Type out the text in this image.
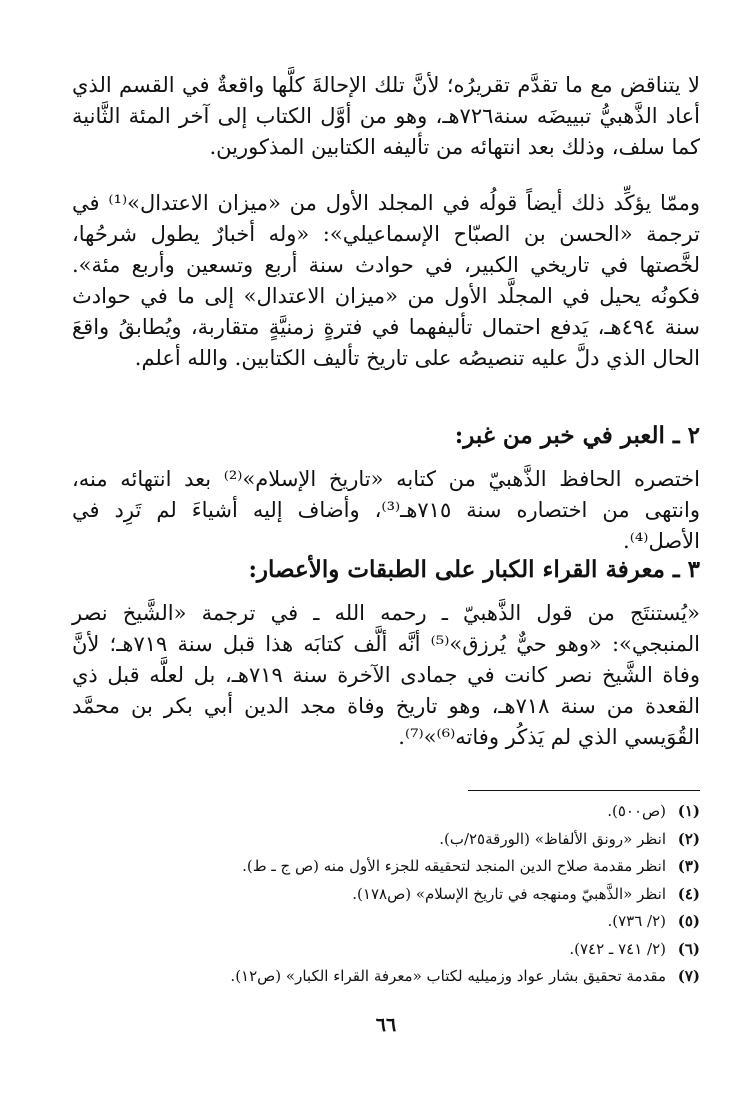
لا يتناقض مع ما تقدَّم تقريرُه؛ لأنَّ تلك الإحالةَ كلَّها واقعةٌ في القسم الذي أعاد الذَّهبيُّ تبييضَه سنة٧٢٦هـ، وهو من أوَّل الكتاب إلى آخر المئة الثَّانية كما سلف، وذلك بعد انتهائه من تأليفه الكتابين المذكورين.

وممّا يؤكِّد ذلك أيضاً قولُه في المجلد الأول من «ميزان الاعتدال»⁽¹⁾ في ترجمة «الحسن بن الصبّاح الإسماعيلي»: «وله أخبارٌ يطول شرحُها، لخَّصتها في تاريخي الكبير، في حوادث سنة أربع وتسعين وأربع مئة». فكونُه يحيل في المجلَّد الأول من «ميزان الاعتدال» إلى ما في حوادث سنة ٤٩٤هـ، يَدفع احتمال تأليفهما في فترةٍ زمنيَّةٍ متقاربة، ويُطابقُ واقعَ الحال الذي دلَّ عليه تنصيصُه على تاريخ تأليف الكتابين. والله أعلم.

٢ ـ العبر في خبر من غبر:

اختصره الحافظ الذَّهبيّ من كتابه «تاريخ الإسلام»⁽²⁾ بعد انتهائه منه، وانتهى من اختصاره سنة ٧١٥هـ⁽³⁾، وأضاف إليه أشياءَ لم تَرِد في الأصل⁽⁴⁾.

٣ ـ معرفة القراء الكبار على الطبقات والأعصار:

«يُستنتَج من قول الذَّهبيّ ـ رحمه الله ـ في ترجمة «الشَّيخ نصر المنبجي»: «وهو حيٌّ يُرزق»⁽⁵⁾ أنَّه ألَّف كتابَه هذا قبل سنة ٧١٩هـ؛ لأنَّ وفاة الشَّيخ نصر كانت في جمادى الآخرة سنة ٧١٩هـ، بل لعلَّه قبل ذي القعدة من سنة ٧١٨هـ، وهو تاريخ وفاة مجد الدين أبي بكر بن محمَّد القُوَيسي الذي لم يَذكُر وفاته⁽⁶⁾»⁽⁷⁾.

(١)(ص٥٠٠).
(٢)انظر «رونق الألفاظ» (الورقة٢٥/ب).
(٣)انظر مقدمة صلاح الدين المنجد لتحقيقه للجزء الأول منه (ص ج ـ ط).
(٤)انظر «الذَّهبيّ ومنهجه في تاريخ الإسلام» (ص١٧٨).
(٥)(٢/ ٧٣٦).
(٦)(٢/ ٧٤١ ـ ٧٤٢).
(٧)مقدمة تحقيق بشار عواد وزميليه لكتاب «معرفة القراء الكبار» (ص١٢).
٦٦
